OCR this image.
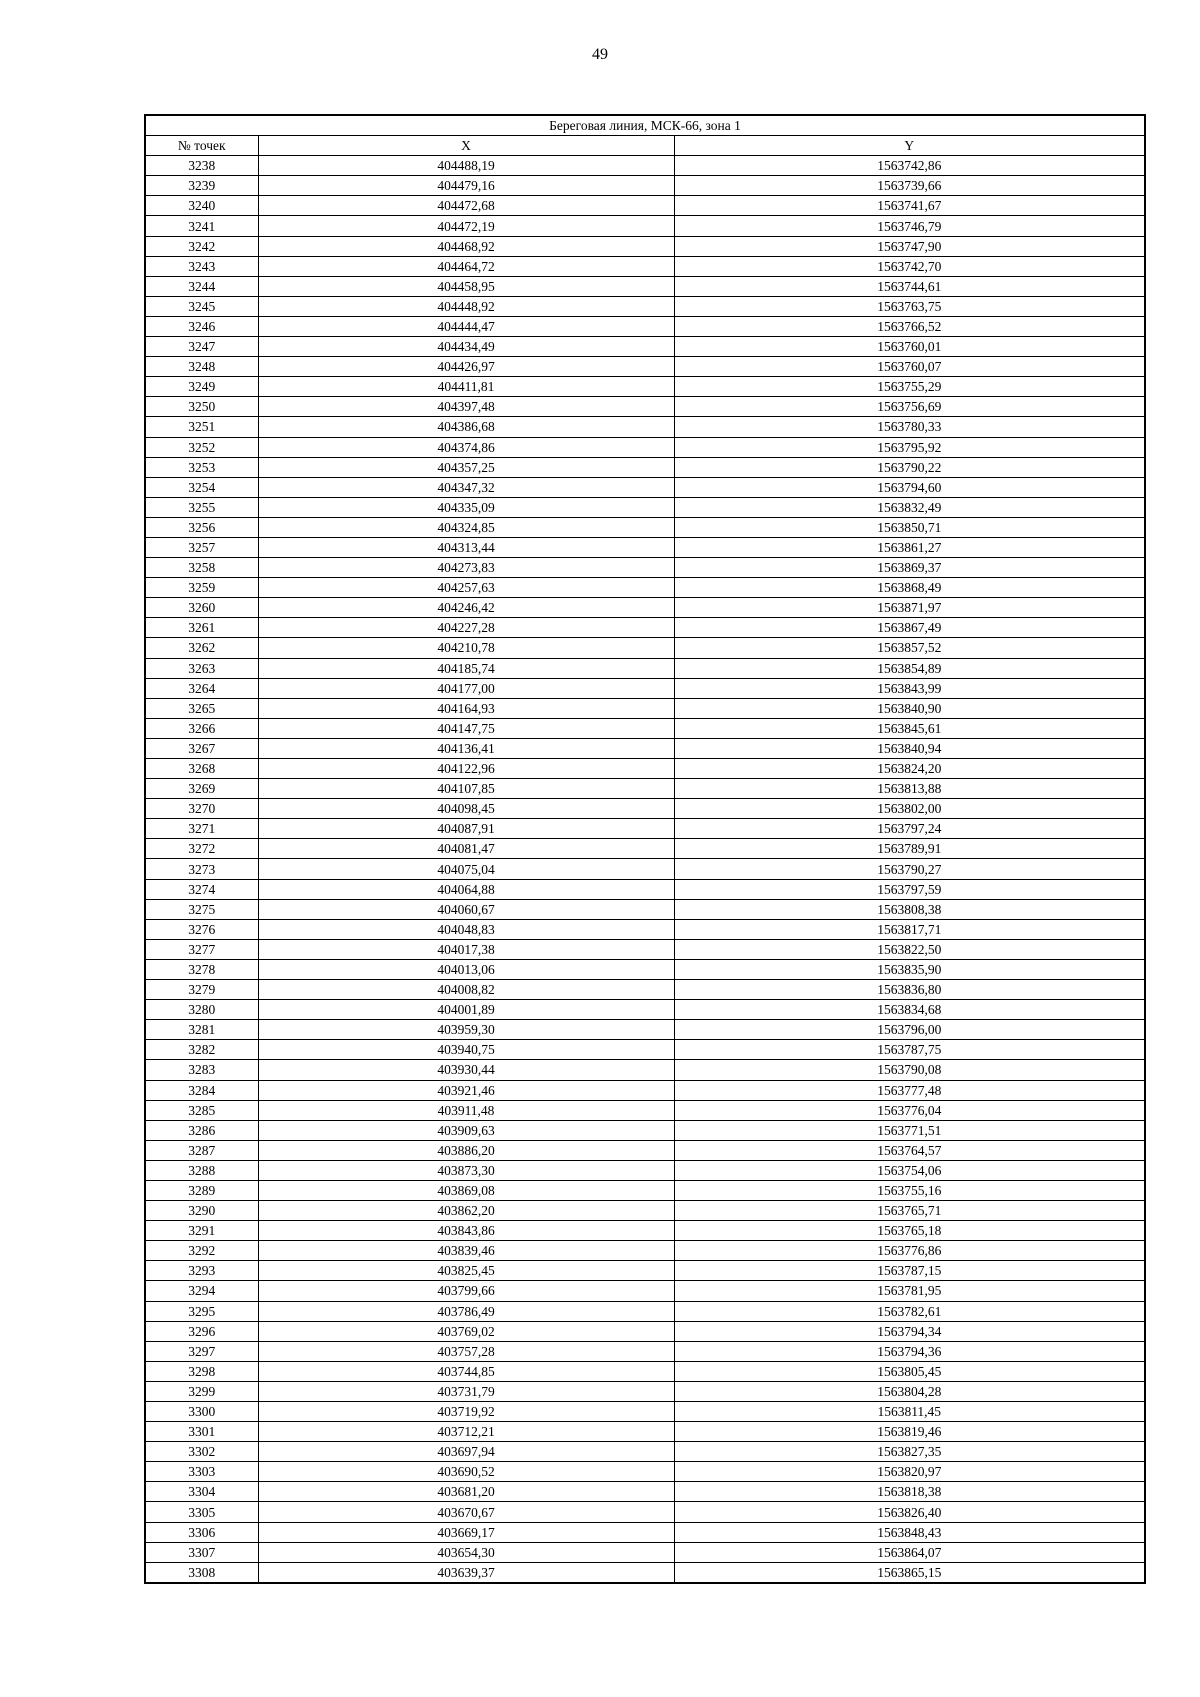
49
Береговая линия, МСК-66, зона 1		
№ точек	X	Y
3238	404488,19	1563742,86
3239	404479,16	1563739,66
3240	404472,68	1563741,67
3241	404472,19	1563746,79
3242	404468,92	1563747,90
3243	404464,72	1563742,70
3244	404458,95	1563744,61
3245	404448,92	1563763,75
3246	404444,47	1563766,52
3247	404434,49	1563760,01
3248	404426,97	1563760,07
3249	404411,81	1563755,29
3250	404397,48	1563756,69
3251	404386,68	1563780,33
3252	404374,86	1563795,92
3253	404357,25	1563790,22
3254	404347,32	1563794,60
3255	404335,09	1563832,49
3256	404324,85	1563850,71
3257	404313,44	1563861,27
3258	404273,83	1563869,37
3259	404257,63	1563868,49
3260	404246,42	1563871,97
3261	404227,28	1563867,49
3262	404210,78	1563857,52
3263	404185,74	1563854,89
3264	404177,00	1563843,99
3265	404164,93	1563840,90
3266	404147,75	1563845,61
3267	404136,41	1563840,94
3268	404122,96	1563824,20
3269	404107,85	1563813,88
3270	404098,45	1563802,00
3271	404087,91	1563797,24
3272	404081,47	1563789,91
3273	404075,04	1563790,27
3274	404064,88	1563797,59
3275	404060,67	1563808,38
3276	404048,83	1563817,71
3277	404017,38	1563822,50
3278	404013,06	1563835,90
3279	404008,82	1563836,80
3280	404001,89	1563834,68
3281	403959,30	1563796,00
3282	403940,75	1563787,75
3283	403930,44	1563790,08
3284	403921,46	1563777,48
3285	403911,48	1563776,04
3286	403909,63	1563771,51
3287	403886,20	1563764,57
3288	403873,30	1563754,06
3289	403869,08	1563755,16
3290	403862,20	1563765,71
3291	403843,86	1563765,18
3292	403839,46	1563776,86
3293	403825,45	1563787,15
3294	403799,66	1563781,95
3295	403786,49	1563782,61
3296	403769,02	1563794,34
3297	403757,28	1563794,36
3298	403744,85	1563805,45
3299	403731,79	1563804,28
3300	403719,92	1563811,45
3301	403712,21	1563819,46
3302	403697,94	1563827,35
3303	403690,52	1563820,97
3304	403681,20	1563818,38
3305	403670,67	1563826,40
3306	403669,17	1563848,43
3307	403654,30	1563864,07
3308	403639,37	1563865,15
